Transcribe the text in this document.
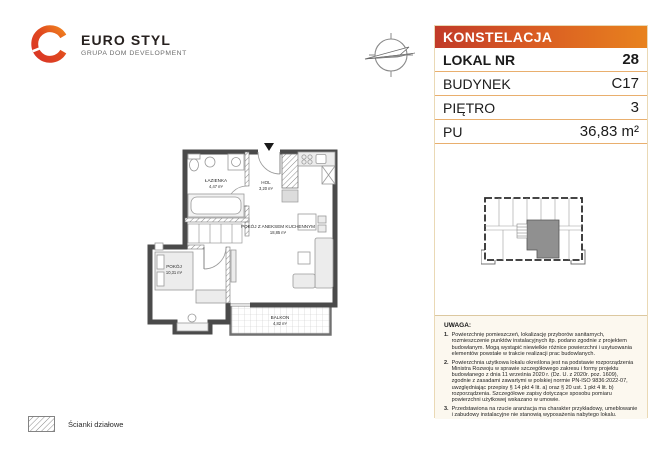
EURO STYL
GRUPA DOM DEVELOPMENT
ŁAZIENKA
4,47 m²
HOL
3,20 m²
POKÓJ Z ANEKSEM KUCHENNYM
18,85 m²
POKÓJ
10,31 m²
BALKON
4,82 m²
KONSTELACJA
LOKAL NR	28
BUDYNEK	C17
PIĘTRO	3
PU	36,83 m²
UWAGA:
1. Powierzchnię pomieszczeń, lokalizację przyborów sanitarnych, rozmieszczenie punktów instalacyjnych itp. podano zgodnie z projektem budowlanym. Mogą wystąpić niewielkie różnice powierzchni i usytuowania elementów powstałe w trakcie realizacji prac budowlanych.
2. Powierzchnia użytkowa lokalu określona jest na podstawie rozporządzenia Ministra Rozwoju w sprawie szczegółowego zakresu i formy projektu budowlanego z dnia 11 września 2020 r. (Dz. U. z 2020r. poz. 1609), zgodnie z zasadami zawartymi w polskiej normie PN-ISO 9836:2022-07, uwzględniając przepisy § 14 pkt 4 lit. a) oraz § 20 ust. 1 pkt 4 lit. b) rozporządzenia. Szczegółowe zapisy dotyczące sposobu pomiaru powierzchni użytkowej wskazano w umowie.
3. Przedstawiona na rzucie aranżacja ma charakter przykładowy, umeblowanie i zabudowy instalacyjne nie stanowią wyposażenia nabytego lokalu.
Ścianki działowe
